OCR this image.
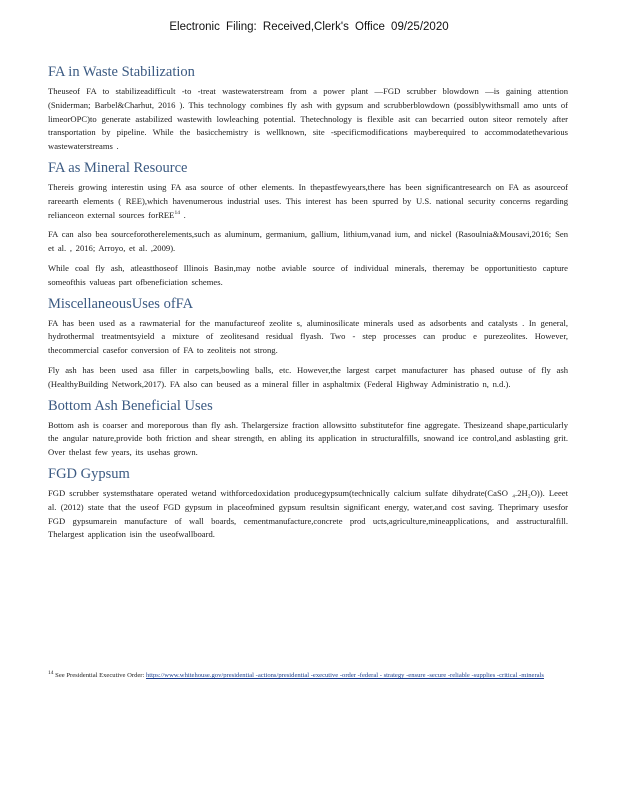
Electronic Filing: Received,Clerk's Office 09/25/2020
FA in Waste Stabilization

Theuseof FA to stabilizeadifficult -to -treat wastewaterstream from a power plant —FGD scrubber blowdown —is gaining attention (Sniderman; Barbel&Charhut, 2016 ). This technology combines fly ash with gypsum and scrubberblowdown (possiblywithsmall amo unts of limeorOPC)to generate astabilized wastewith lowleaching potential. Thetechnology is flexible asit can becarried outon siteor remotely after transportation by pipeline. While the basicchemistry is wellknown, site -specificmodifications mayberequired to accommodatethevarious wastewaterstreams .

FA as Mineral Resource

Thereis growing interestin using FA asa source of other elements. In thepastfewyears,there has been significantresearch on FA as asourceof rareearth elements ( REE),which havenumerous industrial uses. This interest has been spurred by U.S. national security concerns regarding relianceon external sources forREE$^{14}$ .

FA can also bea sourceforotherelements,such as aluminum, germanium, gallium, lithium,vanad ium, and nickel (Rasoulnia&Mousavi,2016; Sen et al. , 2016; Arroyo, et al. ,2009).

While coal fly ash, atleastthoseof Illinois Basin,may notbe aviable source of individual minerals, theremay be opportunitiesto capture someofthis valueas part ofbeneficiation schemes.

MiscellaneousUses ofFA

FA has been used as a rawmaterial for the manufactureof zeolite s, aluminosilicate minerals used as adsorbents and catalysts . In general, hydrothermal treatmentsyield a mixture of zeolitesand residual flyash. Two - step processes can produc e purezeolites. However, thecommercial casefor conversion of FA to zeoliteis not strong.

Fly ash has been used asa filler in carpets,bowling balls, etc. However,the largest carpet manufacturer has phased outuse of fly ash (HealthyBuilding Network,2017). FA also can beused as a mineral filler in asphaltmix (Federal Highway Administratio n, n.d.).

Bottom Ash Beneficial Uses

Bottom ash is coarser and moreporous than fly ash. Thelargersize fraction allowsitto substitutefor fine aggregate. Thesizeand shape,particularly the angular nature,provide both friction and shear strength, en abling its application in structuralfills, snowand ice control,and asblasting grit. Over thelast few years, its usehas grown.

FGD Gypsum

FGD scrubber systemsthatare operated wetand withforcedoxidation producegypsum(technically calcium sulfate dihydrate(CaSO ₄.2H₂O)). Leeet al. (2012) state that the useof FGD gypsum in placeofmined gypsum resultsin significant energy, water,and cost saving. Theprimary usesfor FGD gypsumarein manufacture of wall boards, cementmanufacture,concrete prod ucts,agriculture,mineapplications, and asstructuralfill. Thelargest application isin the useofwallboard.

$^{14}$ See Presidential Executive Order: https://www.whitehouse.gov/presidential -actions/presidential -executive -order -federal - strategy -ensure -secure -reliable -supplies -critical -minerals
